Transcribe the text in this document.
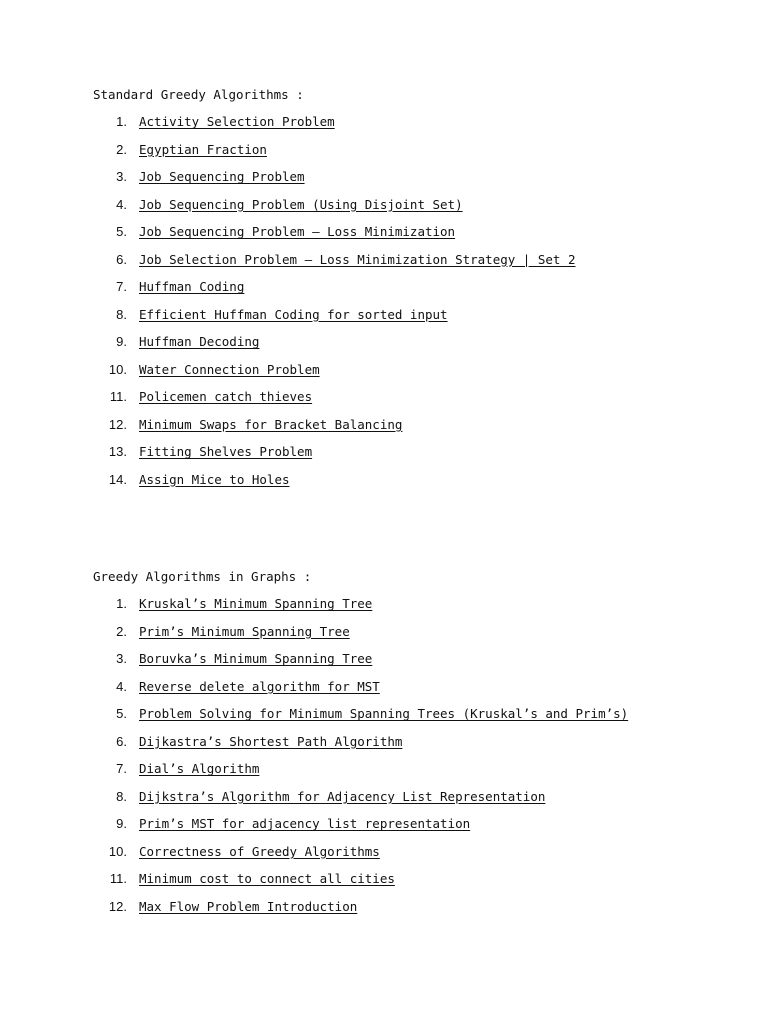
Standard Greedy Algorithms :
1. Activity Selection Problem
2. Egyptian Fraction
3. Job Sequencing Problem
4. Job Sequencing Problem (Using Disjoint Set)
5. Job Sequencing Problem – Loss Minimization
6. Job Selection Problem – Loss Minimization Strategy | Set 2
7. Huffman Coding
8. Efficient Huffman Coding for sorted input
9. Huffman Decoding
10. Water Connection Problem
11. Policemen catch thieves
12. Minimum Swaps for Bracket Balancing
13. Fitting Shelves Problem
14. Assign Mice to Holes
Greedy Algorithms in Graphs :
1. Kruskal’s Minimum Spanning Tree
2. Prim’s Minimum Spanning Tree
3. Boruvka’s Minimum Spanning Tree
4. Reverse delete algorithm for MST
5. Problem Solving for Minimum Spanning Trees (Kruskal’s and Prim’s)
6. Dijkastra’s Shortest Path Algorithm
7. Dial’s Algorithm
8. Dijkstra’s Algorithm for Adjacency List Representation
9. Prim’s MST for adjacency list representation
10. Correctness of Greedy Algorithms
11. Minimum cost to connect all cities
12. Max Flow Problem Introduction
